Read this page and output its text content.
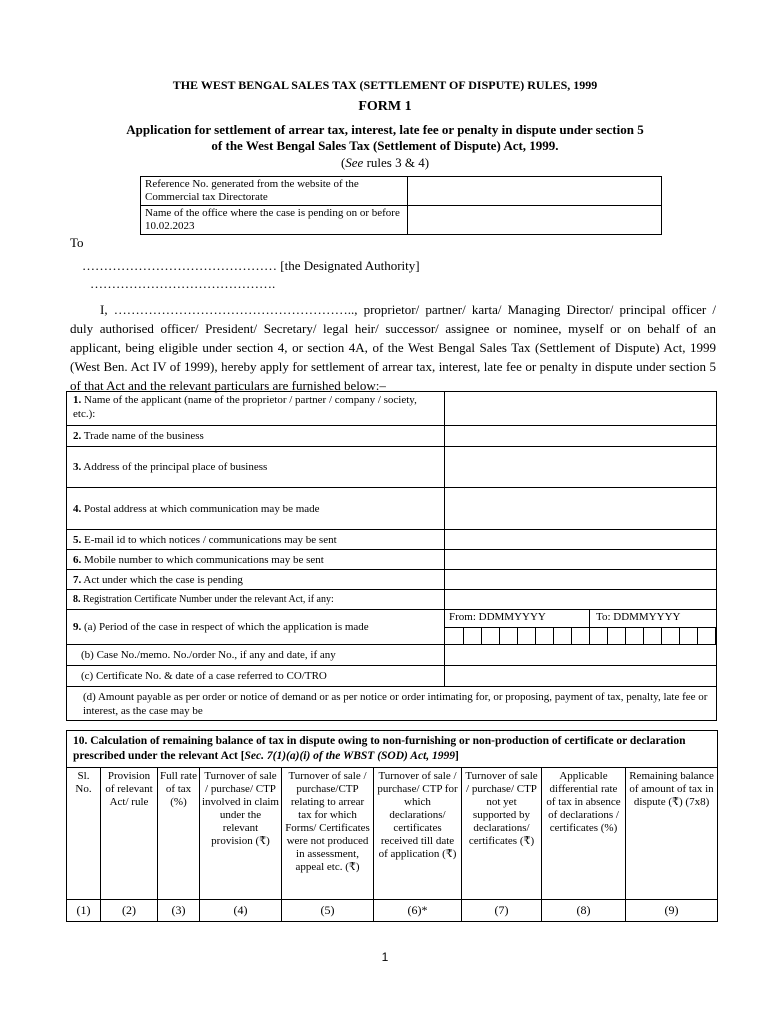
THE WEST BENGAL SALES TAX (SETTLEMENT OF DISPUTE) RULES, 1999
FORM 1
Application for settlement of arrear tax, interest, late fee or penalty in dispute under section 5
of the West Bengal Sales Tax (Settlement of Dispute) Act, 1999.
(See rules 3 & 4)
Reference No. generated from the website of the Commercial tax Directorate	
Name of the office where the case is pending on or before 10.02.2023	
To
……………………………………… [the Designated Authority]
…………………………………….
I, ……………………………………………….., proprietor/ partner/ karta/ Managing Director/ principal officer / duly authorised officer/ President/ Secretary/ legal heir/ successor/ assignee or nominee, myself or on behalf of an applicant, being eligible under section 4, or section 4A, of the West Bengal Sales Tax (Settlement of Dispute) Act, 1999 (West Ben. Act IV of 1999), hereby apply for settlement of arrear tax, interest, late fee or penalty in dispute under section 5 of that Act and the relevant particulars are furnished below:–
1. Name of the applicant (name of the proprietor / partner / company / society, etc.):	
2. Trade name of the business	
3. Address of the principal place of business	
4. Postal address at which communication may be made	
5. E-mail id to which notices / communications may be sent	
6. Mobile number to which communications may be sent	
7. Act under which the case is pending	
8. Registration Certificate Number under the relevant Act, if any:	
9. (a) Period of the case in respect of which the application is made	From: DDMMYYYY To: DDMMYYYY

(b) Case No./memo. No./order No., if any and date, if any	
(c) Certificate No. & date of a case referred to CO/TRO	
(d) Amount payable as per order or notice of demand or as per notice or order intimating for, or proposing, payment of tax, penalty, late fee or interest, as the case may be	
10. Calculation of remaining balance of tax in dispute owing to non-furnishing or non-production of certificate or declaration prescribed under the relevant Act [Sec. 7(1)(a)(i) of the WBST (SOD) Act, 1999]								
Sl. No.	Provision of relevant Act/ rule	Full rate of tax (%)	Turnover of sale / purchase/ CTP involved in claim under the relevant provision (₹)	Turnover of sale / purchase/CTP relating to arrear tax for which Forms/ Certificates were not produced in assessment, appeal etc. (₹)	Turnover of sale / purchase/ CTP for which declarations/ certificates received till date of application (₹)	Turnover of sale / purchase/ CTP not yet supported by declarations/ certificates (₹)	Applicable differential rate of tax in absence of declarations / certificates (%)	Remaining balance of amount of tax in dispute (₹) (7x8)
(1)	(2)	(3)	(4)	(5)	(6)*	(7)	(8)	(9)
1
